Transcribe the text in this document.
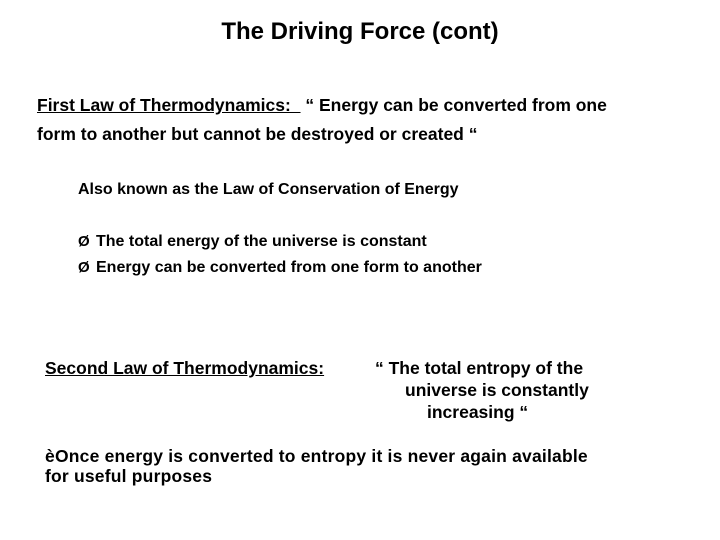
The Driving Force (cont)
First Law of Thermodynamics:   “ Energy can be converted from one
form to another but cannot be destroyed or created “
Also known as the Law of Conservation of Energy
Ø The total energy of the universe is constant
Ø Energy can be converted from one form to another
Second Law of Thermodynamics:	“ The total entropy of the
universe is constantly
increasing “
èOnce energy is converted to entropy it is never again available
for useful purposes
